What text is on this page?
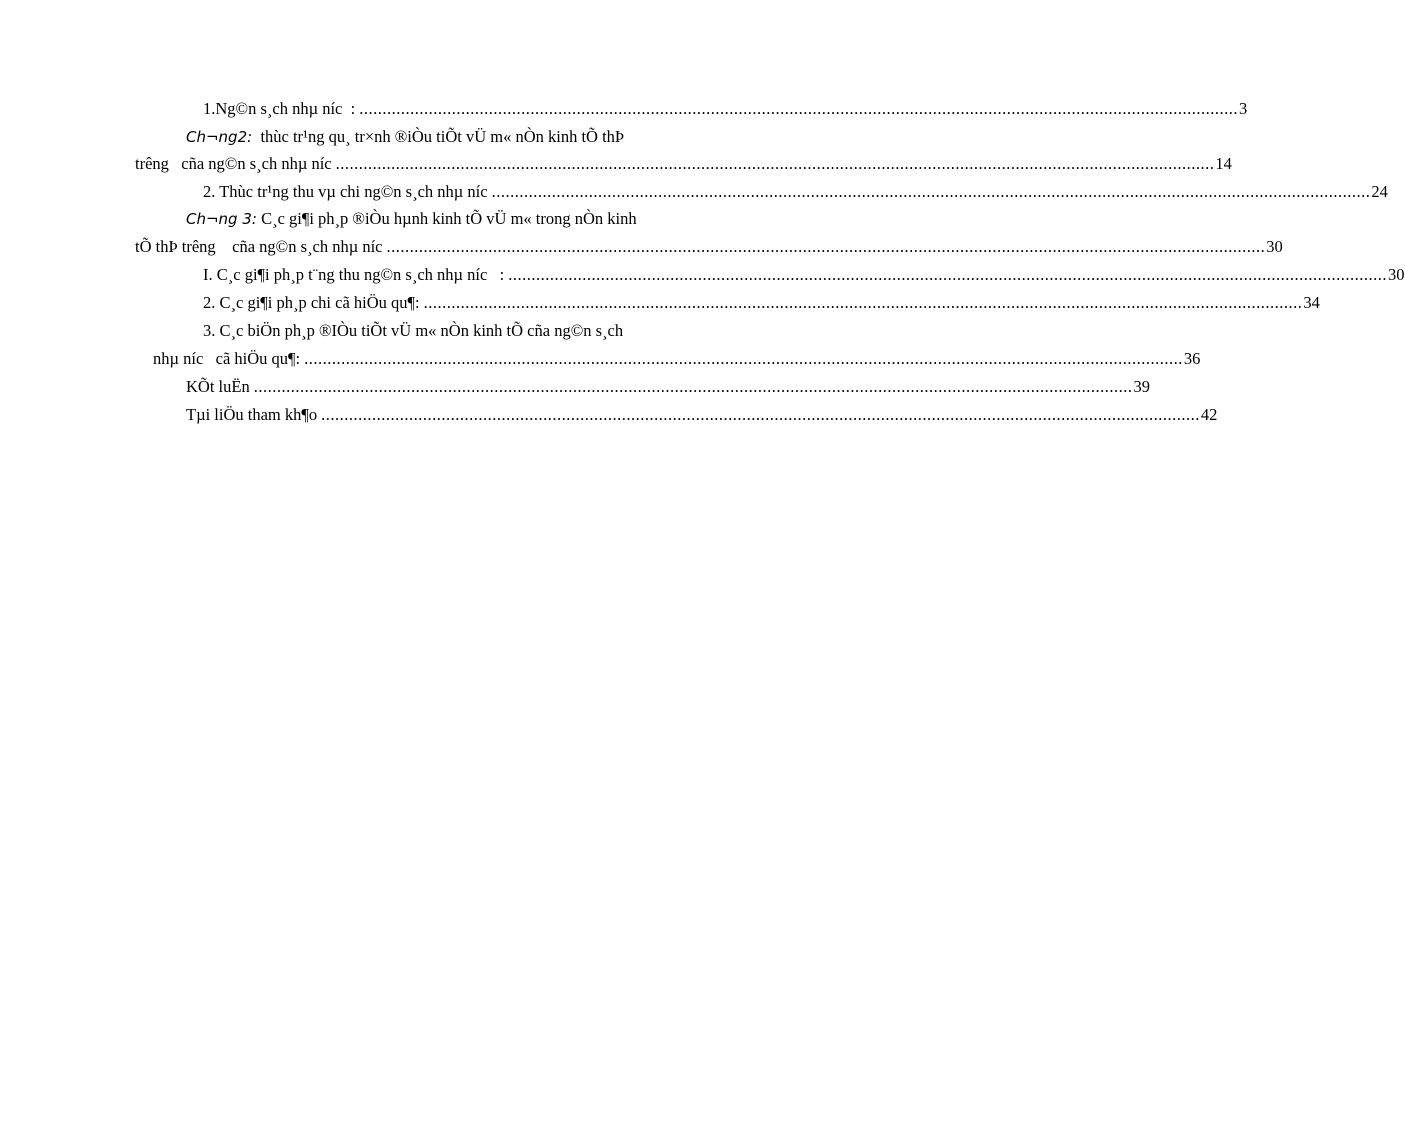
1.Ng©n s¸ch nhµ níc  : .............................................................................................................................................................................................. 3
Ch¬ng2: thùc tr¹ng qu¸ tr×nh ®iÒu tiÕt vÜ m« nÒn kinh tÕ thÞ
trêng   cña ng©n s¸ch nhµ níc .............................................................................................................................................................................................. 14
2. Thùc tr¹ng thu vµ chi ng©n s¸ch nhµ níc .............................................................................................................................................................................................. 24
Ch¬ng 3: C¸c gi¶i ph¸p ®iÒu hµnh kinh tÕ vÜ m« trong nÒn kinh
tÕ thÞ trêng    cña ng©n s¸ch nhµ níc .............................................................................................................................................................................................. 30
I. C¸c gi¶i ph¸p t¨ng thu ng©n s¸ch nhµ níc   : .............................................................................................................................................................................................. 30
2. C¸c gi¶i ph¸p chi cã hiÖu qu¶: .............................................................................................................................................................................................. 34
3. C¸c biÖn ph¸p ®IÒu tiÕt vÜ m« nÒn kinh tÕ cña ng©n s¸ch
nhµ níc   cã hiÖu qu¶: .............................................................................................................................................................................................. 36
KÕt luËn .............................................................................................................................................................................................. 39
Tµi liÖu tham kh¶o .............................................................................................................................................................................................. 42
